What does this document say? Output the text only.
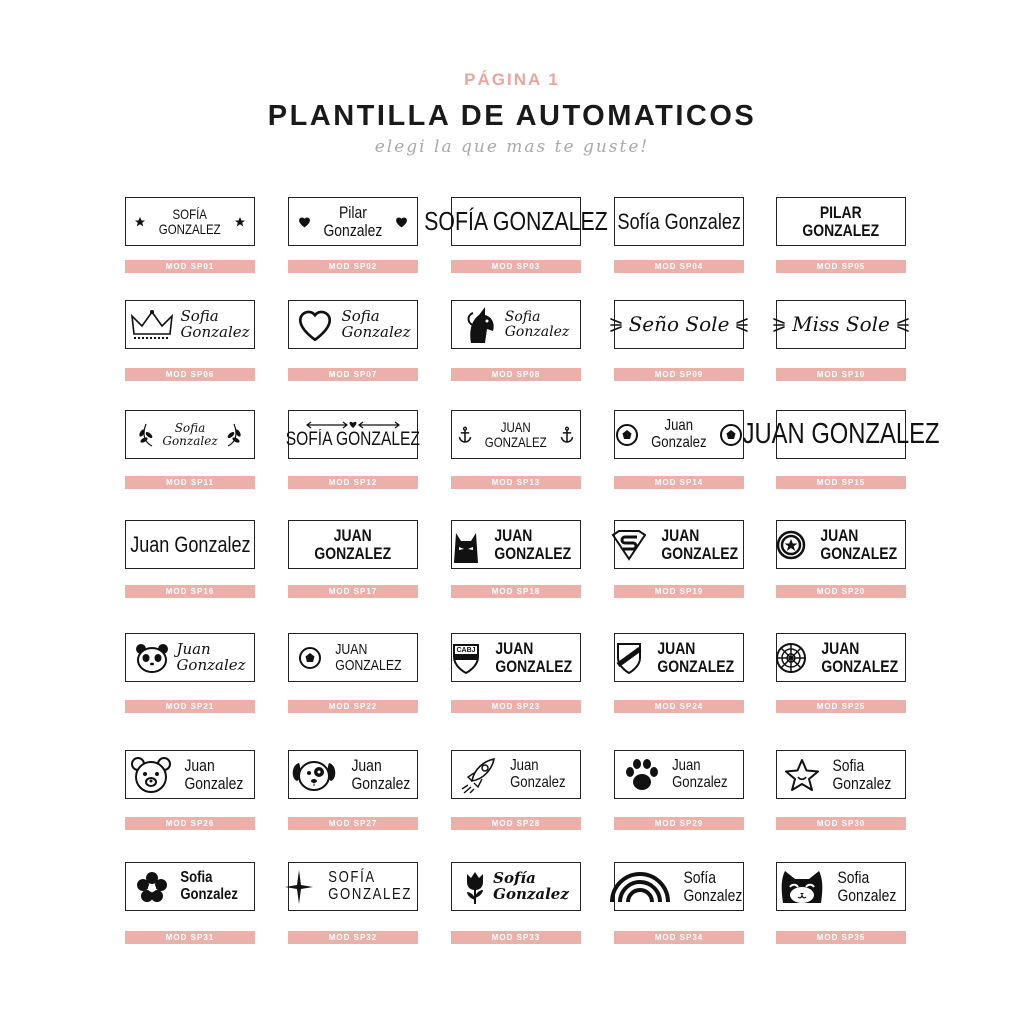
PÁGINA 1
PLANTILLA DE AUTOMATICOS
elegi la que mas te guste!
SOFÍA
GONZALEZ
MOD SP01
Pilar
Gonzalez
MOD SP02
SOFÍA GONZALEZ
MOD SP03
Sofía Gonzalez
MOD SP04
PILAR
GONZALEZ
MOD SP05
Sofia
Gonzalez
MOD SP06
Sofia
Gonzalez
MOD SP07
Sofia
Gonzalez
MOD SP08
Seño Sole
MOD SP09
Miss Sole
MOD SP10
Sofia
Gonzalez
MOD SP11
SOFÍA GONZALEZ
MOD SP12
JUAN
GONZALEZ
MOD SP13
Juan
Gonzalez
MOD SP14
JUAN GONZALEZ
MOD SP15
Juan Gonzalez
MOD SP16
JUAN
GONZALEZ
MOD SP17
JUAN
GONZALEZ
MOD SP18
JUAN
GONZALEZ
MOD SP19
JUAN
GONZALEZ
MOD SP20
Juan
Gonzalez
MOD SP21
JUAN
GONZALEZ
MOD SP22
CABJ JUAN
GONZALEZ
MOD SP23
JUAN
GONZALEZ
MOD SP24
JUAN
GONZALEZ
MOD SP25
Juan
Gonzalez
MOD SP26
Juan
Gonzalez
MOD SP27
Juan
Gonzalez
MOD SP28
Juan
Gonzalez
MOD SP29
Sofia
Gonzalez
MOD SP30
Sofia
Gonzalez
MOD SP31
SOFÍA
GONZALEZ
MOD SP32
Sofía
Gonzalez
MOD SP33
Sofía
Gonzalez
MOD SP34
Sofia
Gonzalez
MOD SP35
